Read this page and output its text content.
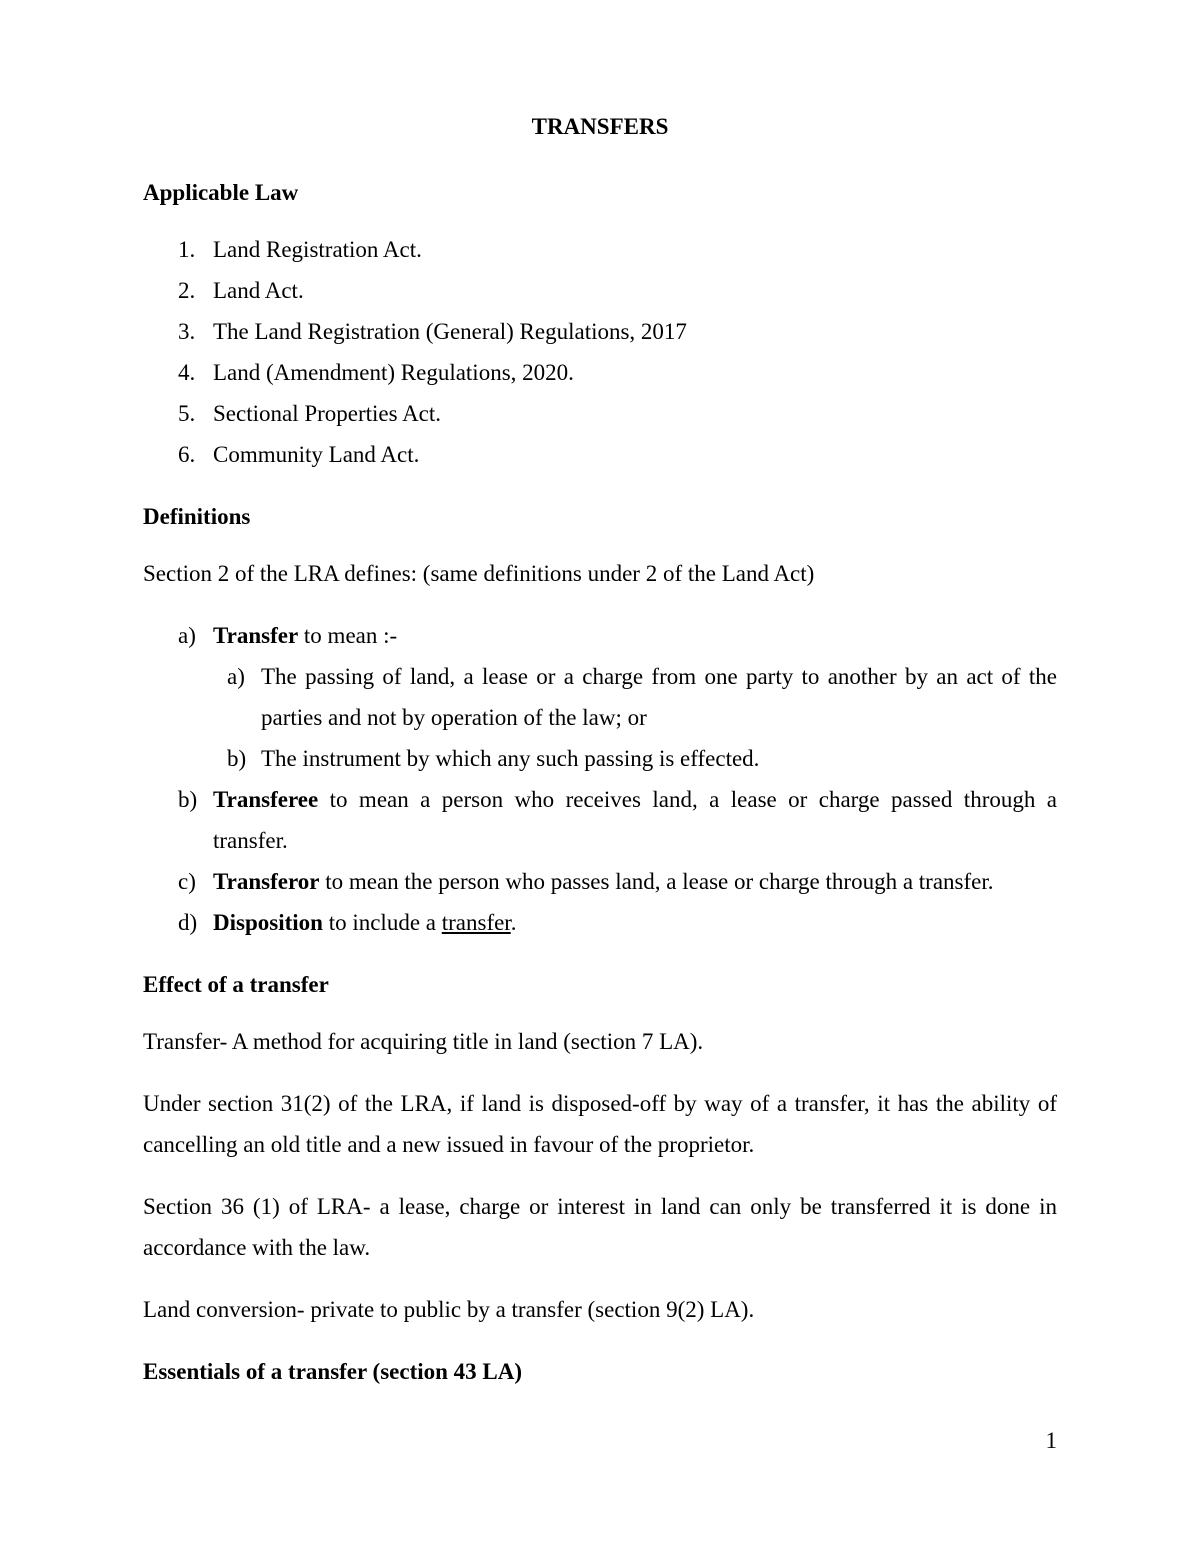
TRANSFERS
Applicable Law
1. Land Registration Act.
2. Land Act.
3. The Land Registration (General) Regulations, 2017
4. Land (Amendment) Regulations, 2020.
5. Sectional Properties Act.
6. Community Land Act.
Definitions
Section 2 of the LRA defines: (same definitions under 2 of the Land Act)
a) Transfer to mean :-
a) The passing of land, a lease or a charge from one party to another by an act of the parties and not by operation of the law; or
b) The instrument by which any such passing is effected.
b) Transferee to mean a person who receives land, a lease or charge passed through a transfer.
c) Transferor to mean the person who passes land, a lease or charge through a transfer.
d) Disposition to include a transfer.
Effect of a transfer
Transfer- A method for acquiring title in land (section 7 LA).
Under section 31(2) of the LRA, if land is disposed-off by way of a transfer, it has the ability of cancelling an old title and a new issued in favour of the proprietor.
Section 36 (1) of LRA- a lease, charge or interest in land can only be transferred it is done in accordance with the law.
Land conversion- private to public by a transfer (section 9(2) LA).
Essentials of a transfer (section 43 LA)
1
